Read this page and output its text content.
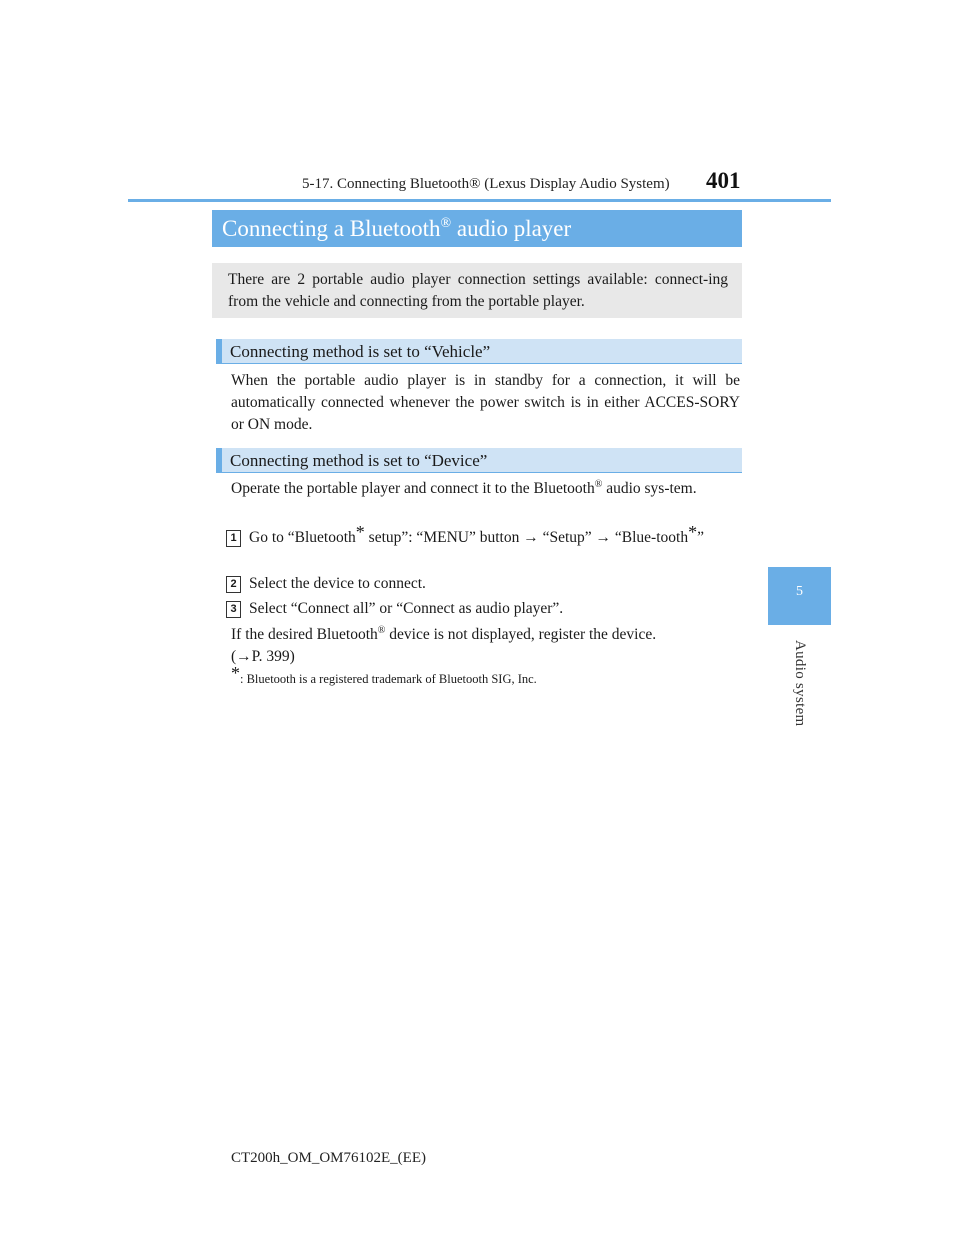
5-17. Connecting Bluetooth® (Lexus Display Audio System) 401
5
Audio system
Connecting a Bluetooth® audio player
There are 2 portable audio player connection settings available: connect-ing from the vehicle and connecting from the portable player.
Connecting method is set to “Vehicle”
When the portable audio player is in standby for a connection, it will be automatically connected whenever the power switch is in either ACCES-SORY or ON mode.
Connecting method is set to “Device”
Operate the portable player and connect it to the Bluetooth® audio sys-tem.
1 Go to “Bluetooth* setup”: “MENU” button → “Setup” → “Blue-tooth*”
2 Select the device to connect.
3 Select “Connect all” or “Connect as audio player”.
If the desired Bluetooth® device is not displayed, register the device.
(→P. 399)
*: Bluetooth is a registered trademark of Bluetooth SIG, Inc.
CT200h_OM_OM76102E_(EE)
